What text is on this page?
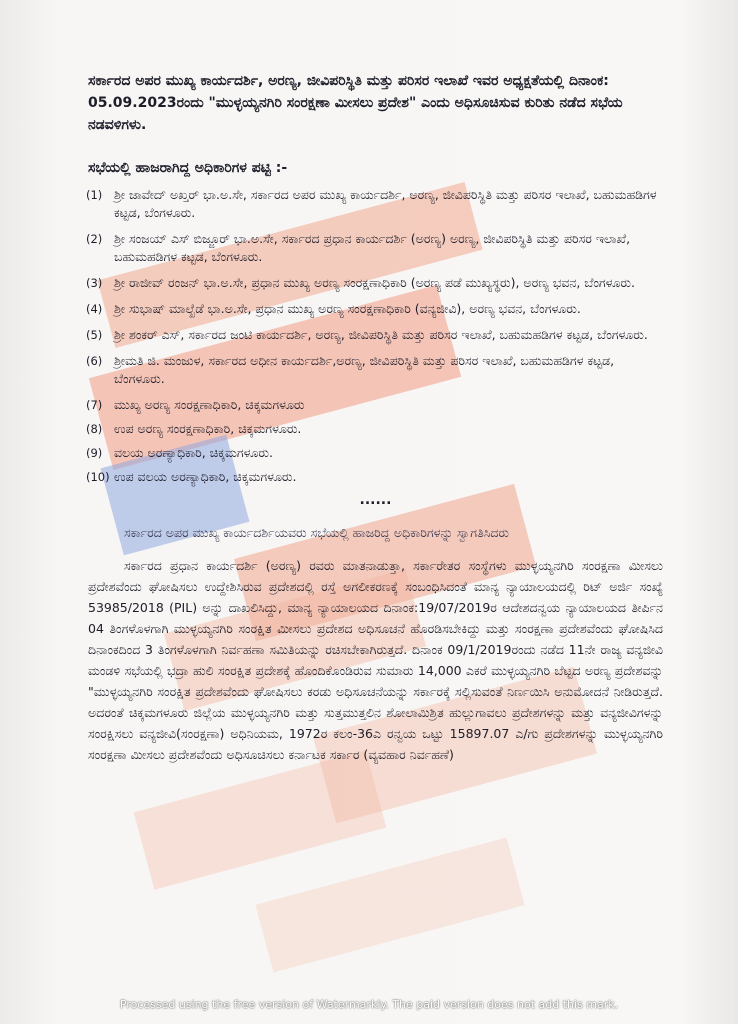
ಸರ್ಕಾರದ ಅಪರ ಮುಖ್ಯ ಕಾರ್ಯದರ್ಶಿ, ಅರಣ್ಯ, ಜೀವಿಪರಿಸ್ಥಿತಿ ಮತ್ತು ಪರಿಸರ ಇಲಾಖೆ ಇವರ ಅಧ್ಯಕ್ಷತೆಯಲ್ಲಿ ದಿನಾಂಕ: 05.09.2023ರಂದು "ಮುಳ್ಳಯ್ಯನಗಿರಿ ಸಂರಕ್ಷಣಾ ಮೀಸಲು ಪ್ರದೇಶ" ಎಂದು ಅಧಿಸೂಚಿಸುವ ಕುರಿತು ನಡೆದ ಸಭೆಯ ನಡವಳಿಗಳು.

ಸಭೆಯಲ್ಲಿ ಹಾಜರಾಗಿದ್ದ ಅಧಿಕಾರಿಗಳ ಪಟ್ಟಿ :-

(1) ಶ್ರೀ ಜಾವೇದ್ ಅಖ್ತರ್ ಭಾ.ಅ.ಸೇ, ಸರ್ಕಾರದ ಅಪರ ಮುಖ್ಯ ಕಾರ್ಯದರ್ಶಿ, ಅರಣ್ಯ, ಜೀವಿಪರಿಸ್ಥಿತಿ ಮತ್ತು ಪರಿಸರ ಇಲಾಖೆ, ಬಹುಮಹಡಿಗಳ ಕಟ್ಟಡ, ಬೆಂಗಳೂರು.
(2) ಶ್ರೀ ಸಂಜಯ್ ಎಸ್ ಬಿಜ್ಜೂರ್ ಭಾ.ಅ.ಸೇ, ಸರ್ಕಾರದ ಪ್ರಧಾನ ಕಾರ್ಯದರ್ಶಿ (ಅರಣ್ಯ) ಅರಣ್ಯ, ಜೀವಿಪರಿಸ್ಥಿತಿ ಮತ್ತು ಪರಿಸರ ಇಲಾಖೆ, ಬಹುಮಹಡಿಗಳ ಕಟ್ಟಡ, ಬೆಂಗಳೂರು.
(3) ಶ್ರೀ ರಾಜೀವ್ ರಂಜನ್ ಭಾ.ಅ.ಸೇ, ಪ್ರಧಾನ ಮುಖ್ಯ ಅರಣ್ಯ ಸಂರಕ್ಷಣಾಧಿಕಾರಿ (ಅರಣ್ಯ ಪಡೆ ಮುಖ್ಯಸ್ಥರು), ಅರಣ್ಯ ಭವನ, ಬೆಂಗಳೂರು.
(4) ಶ್ರೀ ಸುಭಾಷ್ ಮಾಲ್ಖೆಡೆ ಭಾ.ಅ.ಸೇ, ಪ್ರಧಾನ ಮುಖ್ಯ ಅರಣ್ಯ ಸಂರಕ್ಷಣಾಧಿಕಾರಿ (ವನ್ಯಜೀವಿ), ಅರಣ್ಯ ಭವನ, ಬೆಂಗಳೂರು.
(5) ಶ್ರೀ ಶಂಕರ್ ಎಸ್, ಸರ್ಕಾರದ ಜಂಟಿ ಕಾರ್ಯದರ್ಶಿ, ಅರಣ್ಯ, ಜೀವಿಪರಿಸ್ಥಿತಿ ಮತ್ತು ಪರಿಸರ ಇಲಾಖೆ, ಬಹುಮಹಡಿಗಳ ಕಟ್ಟಡ, ಬೆಂಗಳೂರು.
(6) ಶ್ರೀಮತಿ ಜಿ. ಮಂಜುಳ, ಸರ್ಕಾರದ ಅಧೀನ ಕಾರ್ಯದರ್ಶಿ,ಅರಣ್ಯ, ಜೀವಿಪರಿಸ್ಥಿತಿ ಮತ್ತು ಪರಿಸರ ಇಲಾಖೆ, ಬಹುಮಹಡಿಗಳ ಕಟ್ಟಡ, ಬೆಂಗಳೂರು.
(7) ಮುಖ್ಯ ಅರಣ್ಯ ಸಂರಕ್ಷಣಾಧಿಕಾರಿ, ಚಿಕ್ಕಮಗಳೂರು
(8) ಉಪ ಅರಣ್ಯ ಸಂರಕ್ಷಣಾಧಿಕಾರಿ, ಚಿಕ್ಕಮಗಳೂರು.
(9) ವಲಯ ಅರಣ್ಯಾಧಿಕಾರಿ, ಚಿಕ್ಕಮಗಳೂರು.
(10) ಉಪ ವಲಯ ಅರಣ್ಯಾಧಿಕಾರಿ, ಚಿಕ್ಕಮಗಳೂರು.
......

ಸರ್ಕಾರದ ಅಪರ ಮುಖ್ಯ ಕಾರ್ಯದರ್ಶಿಯವರು ಸಭೆಯಲ್ಲಿ ಹಾಜರಿದ್ದ ಅಧಿಕಾರಿಗಳನ್ನು ಸ್ವಾಗತಿಸಿದರು

ಸರ್ಕಾರದ ಪ್ರಧಾನ ಕಾರ್ಯದರ್ಶಿ (ಅರಣ್ಯ) ರವರು ಮಾತನಾಡುತ್ತಾ, ಸರ್ಕಾರೇತರ ಸಂಸ್ಥೆಗಳು ಮುಳ್ಳಯ್ಯನಗಿರಿ ಸಂರಕ್ಷಣಾ ಮೀಸಲು ಪ್ರದೇಶವೆಂದು ಘೋಷಿಸಲು ಉದ್ದೇಶಿಸಿರುವ ಪ್ರದೇಶದಲ್ಲಿ ರಸ್ತೆ ಅಗಲೀಕರಣಕ್ಕೆ ಸಂಬಂಧಿಸಿದಂತೆ ಮಾನ್ಯ ನ್ಯಾಯಾಲಯದಲ್ಲಿ ರಿಟ್ ಅರ್ಜಿ ಸಂಖ್ಯೆ 53985/2018 (PIL) ಅನ್ನು ದಾಖಲಿಸಿದ್ದು, ಮಾನ್ಯ ನ್ಯಾಯಾಲಯದ ದಿನಾಂಕ:19/07/2019ರ ಆದೇಶದನ್ವಯ ನ್ಯಾಯಾಲಯದ ತೀರ್ಪಿನ 04 ತಿಂಗಳೊಳಗಾಗಿ ಮುಳ್ಳಯ್ಯನಗಿರಿ ಸಂರಕ್ಷಿತ ಮೀಸಲು ಪ್ರದೇಶದ ಅಧಿಸೂಚನೆ ಹೊರಡಿಸಬೇಕಿದ್ದು ಮತ್ತು ಸಂರಕ್ಷಣಾ ಪ್ರದೇಶವೆಂದು ಘೋಷಿಸಿದ ದಿನಾಂಕದಿಂದ 3 ತಿಂಗಳೊಳಗಾಗಿ ನಿರ್ವಹಣಾ ಸಮಿತಿಯನ್ನು ರಚಿಸಬೇಕಾಗಿರುತ್ತದೆ. ದಿನಾಂಕ 09/1/2019ರಂದು ನಡೆದ 11ನೇ ರಾಜ್ಯ ವನ್ಯಜೀವಿ ಮಂಡಳಿ ಸಭೆಯಲ್ಲಿ ಭದ್ರಾ ಹುಲಿ ಸಂರಕ್ಷಿತ ಪ್ರದೇಶಕ್ಕೆ ಹೊಂದಿಕೊಂಡಿರುವ ಸುಮಾರು 14,000 ಎಕರೆ ಮುಳ್ಳಯ್ಯನಗಿರಿ ಬೆಟ್ಟದ ಅರಣ್ಯ ಪ್ರದೇಶವನ್ನು "ಮುಳ್ಳಯ್ಯನಗಿರಿ ಸಂರಕ್ಷಿತ ಪ್ರದೇಶವೆಂದು ಘೋಷಿಸಲು ಕರಡು ಅಧಿಸೂಚನೆಯನ್ನು ಸರ್ಕಾರಕ್ಕೆ ಸಲ್ಲಿಸುವಂತೆ ನಿರ್ಣಯಿಸಿ ಅನುಮೋದನೆ ನೀಡಿರುತ್ತದೆ. ಅದರಂತೆ ಚಿಕ್ಕಮಗಳೂರು ಜಿಲ್ಲೆಯ ಮುಳ್ಳಯ್ಯನಗಿರಿ ಮತ್ತು ಸುತ್ತಮುತ್ತಲಿನ ಶೋಲಾಮಿಶ್ರಿತ ಹುಲ್ಲುಗಾವಲು ಪ್ರದೇಶಗಳನ್ನು ಮತ್ತು ವನ್ಯಜೀವಿಗಳನ್ನು ಸಂರಕ್ಷಿಸಲು ವನ್ಯಜೀವಿ(ಸಂರಕ್ಷಣಾ) ಅಧಿನಿಯಮ, 1972ರ ಕಲಂ-36ಎ ರನ್ವಯ ಒಟ್ಟು 15897.07 ಎ/ಗು ಪ್ರದೇಶಗಳನ್ನು ಮುಳ್ಳಯ್ಯನಗಿರಿ ಸಂರಕ್ಷಣಾ ಮೀಸಲು ಪ್ರದೇಶವೆಂದು ಅಧಿಸೂಚಿಸಲು ಕರ್ನಾಟಕ ಸರ್ಕಾರ (ವ್ಯವಹಾರ ನಿರ್ವಹಣೆ)

Processed using the free version of Watermarkly. The paid version does not add this mark.
